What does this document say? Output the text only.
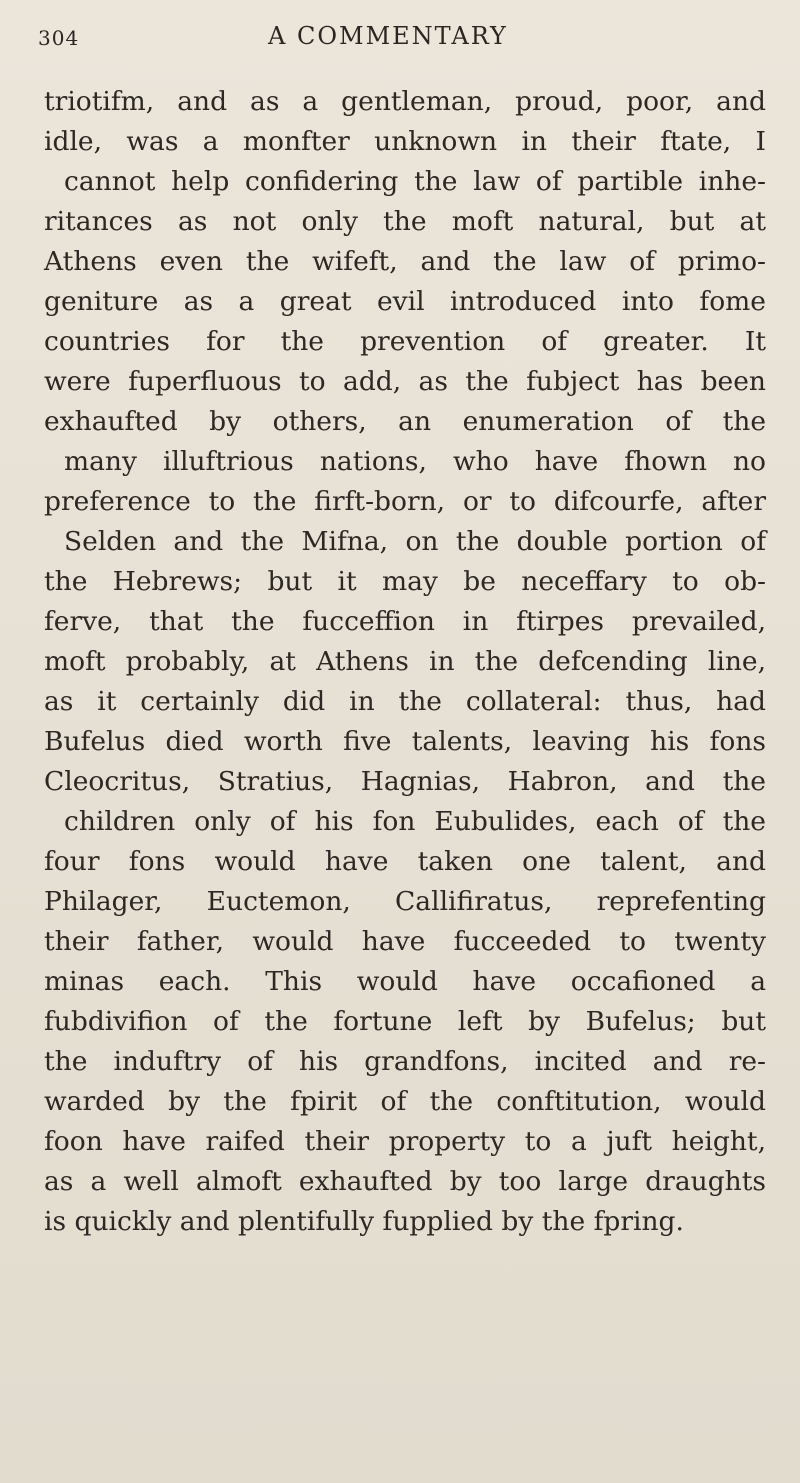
304	A COMMENTARY
triotifm, and as a gentleman, proud, poor, and
idle, was a monfter unknown in their ftate, I
cannot help confidering the law of partible inhe-
ritances as not only the moft natural, but at
Athens even the wifeft, and the law of primo-
geniture as a great evil introduced into fome
countries for the prevention of greater. It
were fuperfluous to add, as the fubject has been
exhaufted by others, an enumeration of the
many illuftrious nations, who have fhown no
preference to the firft-born, or to difcourfe, after
Selden and the Mifna, on the double portion of
the Hebrews; but it may be neceffary to ob-
ferve, that the fucceffion in ftirpes prevailed,
moft probably, at Athens in the defcending line,
as it certainly did in the collateral: thus, had
Bufelus died worth five talents, leaving his fons
Cleocritus, Stratius, Hagnias, Habron, and the
children only of his fon Eubulides, each of the
four fons would have taken one talent, and
Philager, Euctemon, Callifiratus, reprefenting
their father, would have fucceeded to twenty
minas each. This would have occafioned a
fubdivifion of the fortune left by Bufelus; but
the induftry of his grandfons, incited and re-
warded by the fpirit of the conftitution, would
foon have raifed their property to a juft height,
as a well almoft exhaufted by too large draughts
is quickly and plentifully fupplied by the fpring.
